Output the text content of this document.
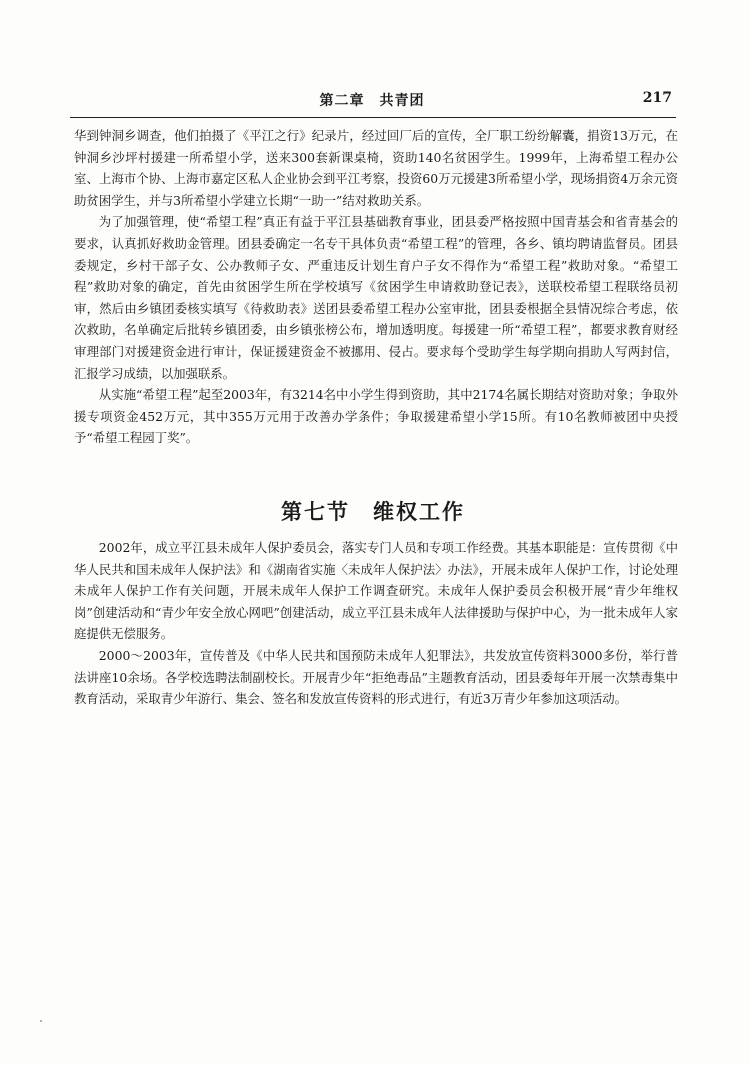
第二章　共青团	217

华到钟洞乡调查，他们拍摄了《平江之行》纪录片，经过回厂后的宣传，全厂职工纷纷解囊，捐资13万元，在钟洞乡沙坪村援建一所希望小学，送来300套新课桌椅，资助140名贫困学生。1999年，上海希望工程办公室、上海市个协、上海市嘉定区私人企业协会到平江考察，投资60万元援建3所希望小学，现场捐资4万余元资助贫困学生，并与3所希望小学建立长期“一助一”结对救助关系。

为了加强管理，使“希望工程”真正有益于平江县基础教育事业，团县委严格按照中国青基会和省青基会的要求，认真抓好救助金管理。团县委确定一名专干具体负责“希望工程”的管理，各乡、镇均聘请监督员。团县委规定，乡村干部子女、公办教师子女、严重违反计划生育户子女不得作为“希望工程”救助对象。“希望工程”救助对象的确定，首先由贫困学生所在学校填写《贫困学生申请救助登记表》，送联校希望工程联络员初审，然后由乡镇团委核实填写《待救助表》送团县委希望工程办公室审批，团县委根据全县情况综合考虑，依次救助，名单确定后批转乡镇团委，由乡镇张榜公布，增加透明度。每援建一所“希望工程”，都要求教育财经审理部门对援建资金进行审计，保证援建资金不被挪用、侵占。要求每个受助学生每学期向捐助人写两封信，汇报学习成绩，以加强联系。

从实施“希望工程”起至2003年，有3214名中小学生得到资助，其中2174名属长期结对资助对象；争取外援专项资金452万元，其中355万元用于改善办学条件；争取援建希望小学15所。有10名教师被团中央授予“希望工程园丁奖”。

第七节　维权工作

2002年，成立平江县未成年人保护委员会，落实专门人员和专项工作经费。其基本职能是：宣传贯彻《中华人民共和国未成年人保护法》和《湖南省实施〈未成年人保护法〉办法》，开展未成年人保护工作，讨论处理未成年人保护工作有关问题，开展未成年人保护工作调查研究。未成年人保护委员会积极开展“青少年维权岗”创建活动和“青少年安全放心网吧”创建活动，成立平江县未成年人法律援助与保护中心，为一批未成年人家庭提供无偿服务。

2000～2003年，宣传普及《中华人民共和国预防未成年人犯罪法》，共发放宣传资料3000多份，举行普法讲座10余场。各学校选聘法制副校长。开展青少年“拒绝毒品”主题教育活动，团县委每年开展一次禁毒集中教育活动，采取青少年游行、集会、签名和发放宣传资料的形式进行，有近3万青少年参加这项活动。
